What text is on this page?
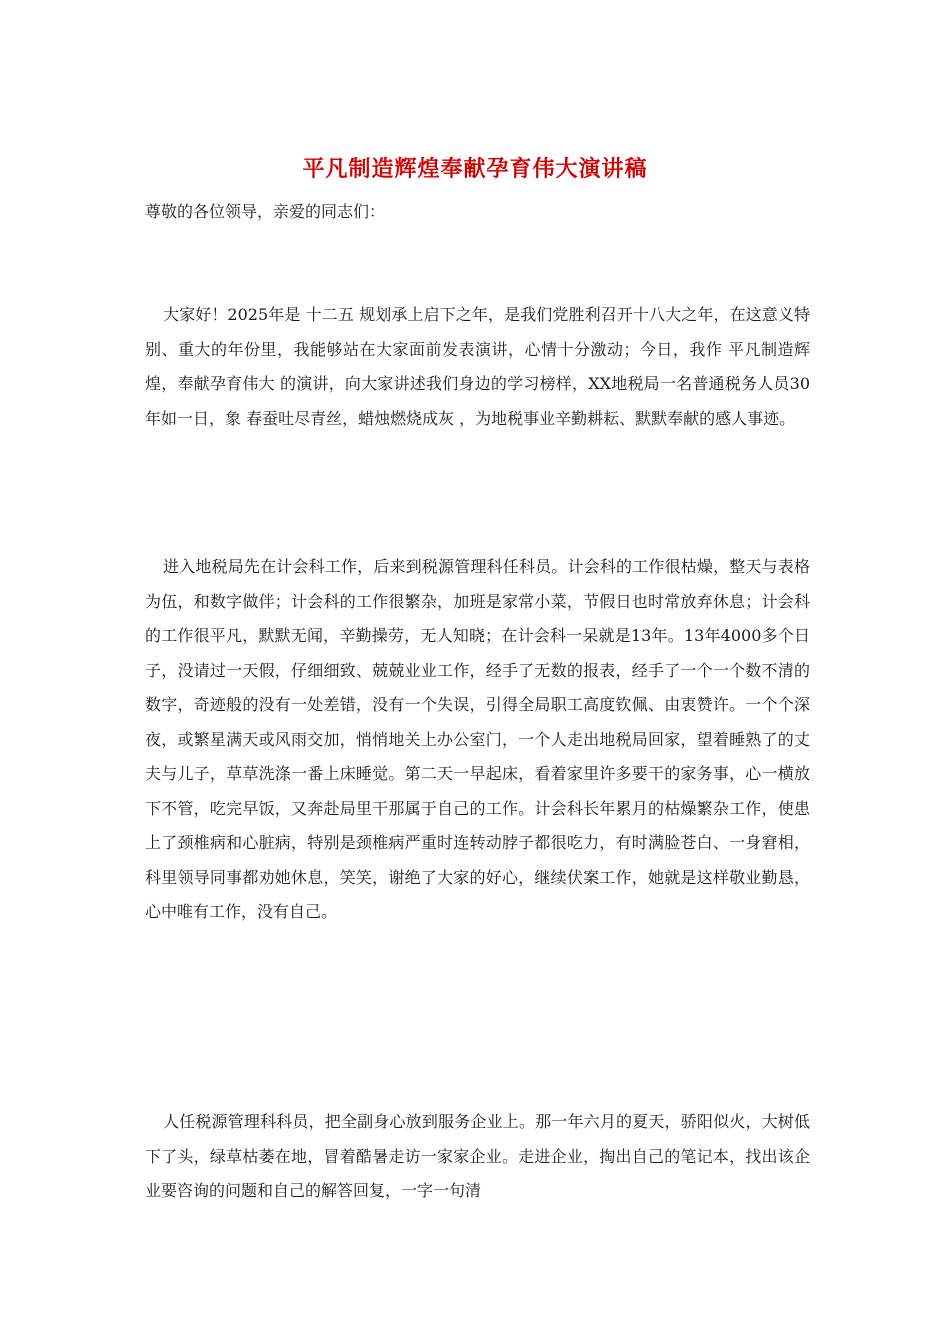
平凡制造辉煌奉献孕育伟大演讲稿

尊敬的各位领导，亲爱的同志们：

大家好！2025年是 十二五 规划承上启下之年，是我们党胜利召开十八大之年，在这意义特别、重大的年份里，我能够站在大家面前发表演讲，心情十分激动；今日，我作 平凡制造辉煌，奉献孕育伟大 的演讲，向大家讲述我们身边的学习榜样，XX地税局一名普通税务人员30年如一日，象 春蚕吐尽青丝，蜡烛燃烧成灰 ，为地税事业辛勤耕耘、默默奉献的感人事迹。

进入地税局先在计会科工作，后来到税源管理科任科员。计会科的工作很枯燥，整天与表格为伍，和数字做伴；计会科的工作很繁杂，加班是家常小菜，节假日也时常放弃休息；计会科的工作很平凡，默默无闻，辛勤操劳，无人知晓；在计会科一呆就是13年。13年4000多个日子，没请过一天假，仔细细致、兢兢业业工作，经手了无数的报表，经手了一个一个数不清的数字，奇迹般的没有一处差错，没有一个失误，引得全局职工高度钦佩、由衷赞许。一个个深夜，或繁星满天或风雨交加，悄悄地关上办公室门，一个人走出地税局回家，望着睡熟了的丈夫与儿子，草草洗涤一番上床睡觉。第二天一早起床，看着家里许多要干的家务事，心一横放下不管，吃完早饭，又奔赴局里干那属于自己的工作。计会科长年累月的枯燥繁杂工作，使患上了颈椎病和心脏病，特别是颈椎病严重时连转动脖子都很吃力，有时满脸苍白、一身窘相，科里领导同事都劝她休息，笑笑，谢绝了大家的好心，继续伏案工作，她就是这样敬业勤恳，心中唯有工作，没有自己。

人任税源管理科科员，把全副身心放到服务企业上。那一年六月的夏天，骄阳似火，大树低下了头，绿草枯萎在地，冒着酷暑走访一家家企业。走进企业，掏出自己的笔记本，找出该企业要咨询的问题和自己的解答回复，一字一句清
